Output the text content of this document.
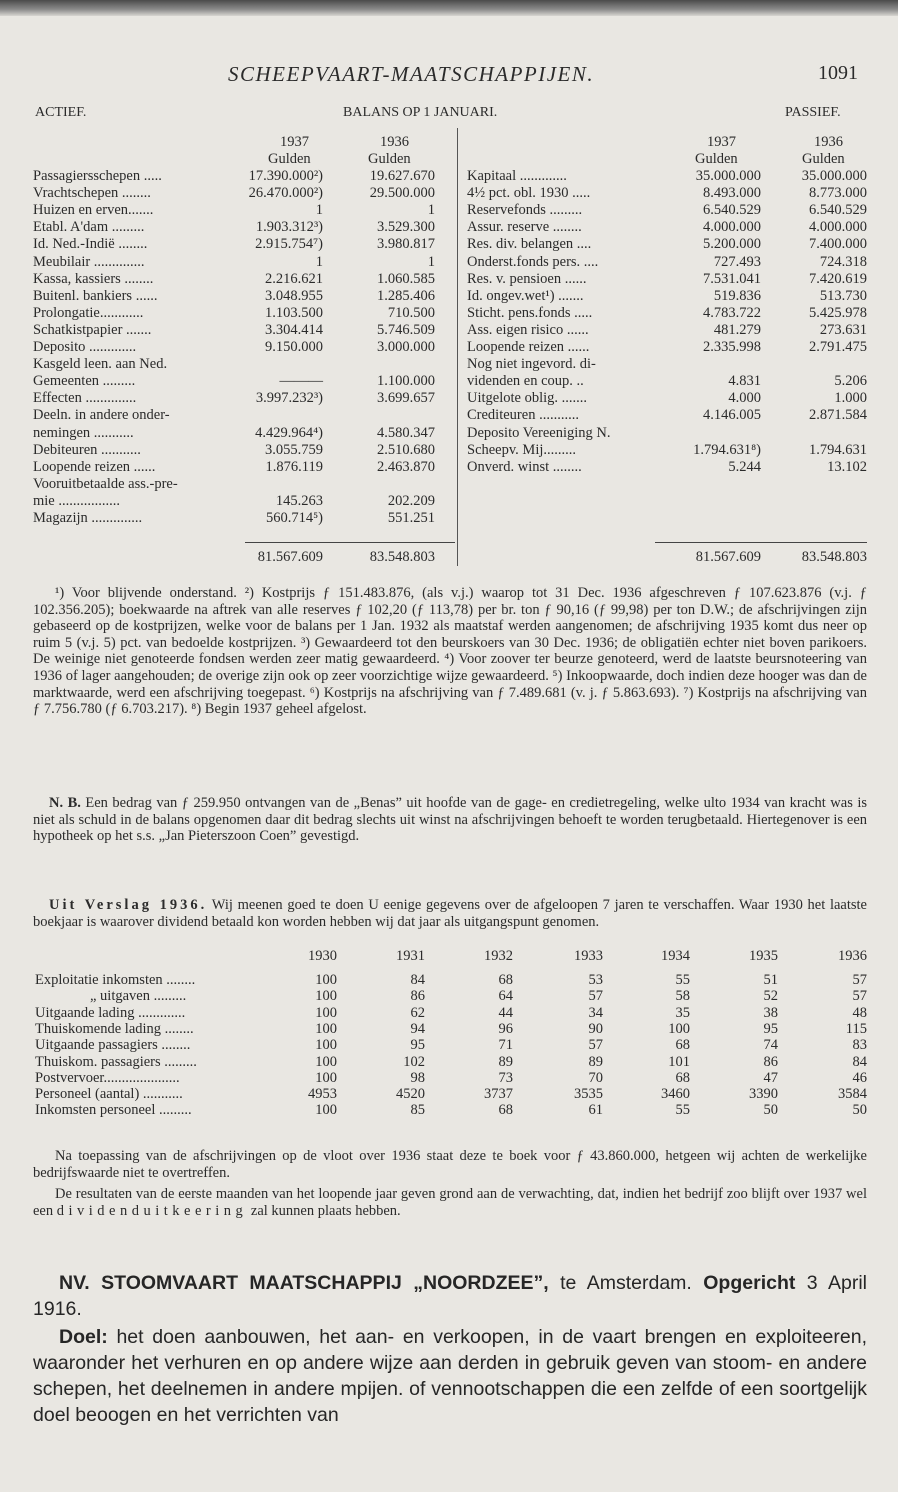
SCHEEPVAART-MAATSCHAPPIJEN.	1091
ACTIEF.	BALANS OP 1 JANUARI.	PASSIEF.
1937	1936
Gulden	Gulden
1937	1936
Gulden	Gulden
Passagiersschepen .....	17.390.000²)	19.627.670
Vrachtschepen ........	26.470.000²)	29.500.000
Huizen en erven.......	1	1
Etabl. A'dam .........	1.903.312³)	3.529.300
Id. Ned.-Indië ........	2.915.754⁷)	3.980.817
Meubilair ..............	1	1
Kassa, kassiers ........	2.216.621	1.060.585
Buitenl. bankiers ......	3.048.955	1.285.406
Prolongatie............	1.103.500	710.500
Schatkistpapier .......	3.304.414	5.746.509
Deposito .............	9.150.000	3.000.000
Kasgeld leen. aan Ned.
Gemeenten .........	———	1.100.000
Effecten ..............	3.997.232³)	3.699.657
Deeln. in andere onder-
nemingen ...........	4.429.964⁴)	4.580.347
Debiteuren ...........	3.055.759	2.510.680
Loopende reizen ......	1.876.119	2.463.870
Vooruitbetaalde ass.-pre-
mie .................	145.263	202.209
Magazijn ..............	560.714⁵)	551.251
Kapitaal .............	35.000.000	35.000.000
4½ pct. obl. 1930 .....	8.493.000	8.773.000
Reservefonds .........	6.540.529	6.540.529
Assur. reserve ........	4.000.000	4.000.000
Res. div. belangen ....	5.200.000	7.400.000
Onderst.fonds pers. ....	727.493	724.318
Res. v. pensioen ......	7.531.041	7.420.619
Id. ongev.wet¹) .......	519.836	513.730
Sticht. pens.fonds .....	4.783.722	5.425.978
Ass. eigen risico ......	481.279	273.631
Loopende reizen ......	2.335.998	2.791.475
Nog niet ingevord. di-
videnden en coup. ..	4.831	5.206
Uitgelote oblig. .......	4.000	1.000
Crediteuren ...........	4.146.005	2.871.584
Deposito Vereeniging N.
Scheepv. Mij.........	1.794.631⁸)	1.794.631
Onverd. winst ........	5.244	13.102
81.567.609	83.548.803	81.567.609	83.548.803
¹) Voor blijvende onderstand. ²) Kostprijs ƒ 151.483.876, (als v.j.) waarop tot 31 Dec. 1936 afgeschreven ƒ 107.623.876 (v.j. ƒ 102.356.205); boekwaarde na aftrek van alle reserves ƒ 102,20 (ƒ 113,78) per br. ton ƒ 90,16 (ƒ 99,98) per ton D.W.; de afschrijvingen zijn gebaseerd op de kostprijzen, welke voor de balans per 1 Jan. 1932 als maatstaf werden aangenomen; de afschrijving 1935 komt dus neer op ruim 5 (v.j. 5) pct. van bedoelde kostprijzen. ³) Gewaardeerd tot den beurskoers van 30 Dec. 1936; de obligatiën echter niet boven parikoers. De weinige niet genoteerde fondsen werden zeer matig gewaardeerd. ⁴) Voor zoover ter beurze genoteerd, werd de laatste beursnoteering van 1936 of lager aangehouden; de overige zijn ook op zeer voorzichtige wijze gewaardeerd. ⁵) Inkoopwaarde, doch indien deze hooger was dan de marktwaarde, werd een afschrijving toegepast. ⁶) Kostprijs na afschrijving van ƒ 7.489.681 (v. j. ƒ 5.863.693). ⁷) Kostprijs na afschrijving van ƒ 7.756.780 (ƒ 6.703.217). ⁸) Begin 1937 geheel afgelost.
N. B. Een bedrag van ƒ 259.950 ontvangen van de „Benas” uit hoofde van de gage- en credietregeling, welke ulto 1934 van kracht was is niet als schuld in de balans opgenomen daar dit bedrag slechts uit winst na afschrijvingen behoeft te worden terugbetaald. Hiertegenover is een hypotheek op het s.s. „Jan Pieterszoon Coen” gevestigd.
Uit Verslag 1936. Wij meenen goed te doen U eenige gegevens over de afgeloopen 7 jaren te verschaffen. Waar 1930 het laatste boekjaar is waarover dividend betaald kon worden hebben wij dat jaar als uitgangspunt genomen.
1930	1931	1932	1933	1934	1935	1936
Exploitatie inkomsten ........	100	84	68	53	55	51	57
„ uitgaven .........	100	86	64	57	58	52	57
Uitgaande lading .............	100	62	44	34	35	38	48
Thuiskomende lading ........	100	94	96	90	100	95	115
Uitgaande passagiers ........	100	95	71	57	68	74	83
Thuiskom. passagiers .........	100	102	89	89	101	86	84
Postvervoer.....................	100	98	73	70	68	47	46
Personeel (aantal) ...........	4953	4520	3737	3535	3460	3390	3584
Inkomsten personeel .........	100	85	68	61	55	50	50
Na toepassing van de afschrijvingen op de vloot over 1936 staat deze te boek voor ƒ 43.860.000, hetgeen wij achten de werkelijke bedrijfswaarde niet te overtreffen.
De resultaten van de eerste maanden van het loopende jaar geven grond aan de verwachting, dat, indien het bedrijf zoo blijft over 1937 wel een dividenduitkeering zal kunnen plaats hebben.
NV. STOOMVAART MAATSCHAPPIJ „NOORDZEE”, te Amsterdam. Opgericht 3 April 1916.
Doel: het doen aanbouwen, het aan- en verkoopen, in de vaart brengen en exploiteeren, waaronder het verhuren en op andere wijze aan derden in gebruik geven van stoom- en andere schepen, het deelnemen in andere mpijen. of vennootschappen die een zelfde of een soortgelijk doel beoogen en het verrichten van
